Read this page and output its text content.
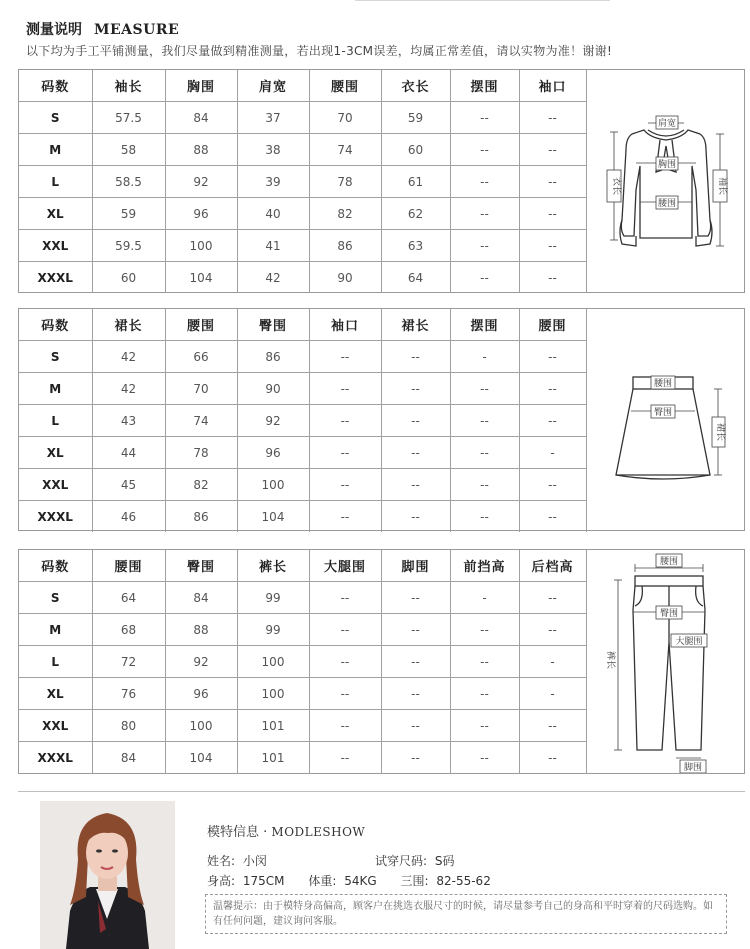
测量说明 MEASURE
以下均为手工平铺测量，我们尽量做到精准测量，若出现1-3CM误差，均属正常差值，请以实物为准！谢谢!
码数	袖长	胸围	肩宽	腰围	衣长	摆围	袖口
S	57.5	84	37	70	59	--	--
M	58	88	38	74	60	--	--
L	58.5	92	39	78	61	--	--
XL	59	96	40	82	62	--	--
XXL	59.5	100	41	86	63	--	--
XXXL	60	104	42	90	64	--	--
肩宽
胸围
腰围
衣长	袖长
码数	裙长	腰围	臀围	袖口	裙长	摆围	腰围
S	42	66	86	--	--	-	--
M	42	70	90	--	--	--	--
L	43	74	92	--	--	--	--
XL	44	78	96	--	--	--	-
XXL	45	82	100	--	--	--	--
XXXL	46	86	104	--	--	--	--
腰围
臀围
裙长
码数	腰围	臀围	裤长	大腿围	脚围	前挡高	后档高
S	64	84	99	--	--	-	--
M	68	88	99	--	--	--	--
L	72	92	100	--	--	--	-
XL	76	96	100	--	--	--	-
XXL	80	100	101	--	--	--	--
XXXL	84	104	101	--	--	--	--
腰围
臀围
大腿围
裤长
脚围
模特信息 · MODLESHOW
姓名: 小闵	试穿尺码: S码
身高: 175CM 体重: 54KG 三围: 82-55-62
温馨提示：由于模特身高偏高，顾客户在挑选衣服尺寸的时候，请尽量参考自己的身高和平时穿着的尺码选购。如有任何问题，建议询问客服。
